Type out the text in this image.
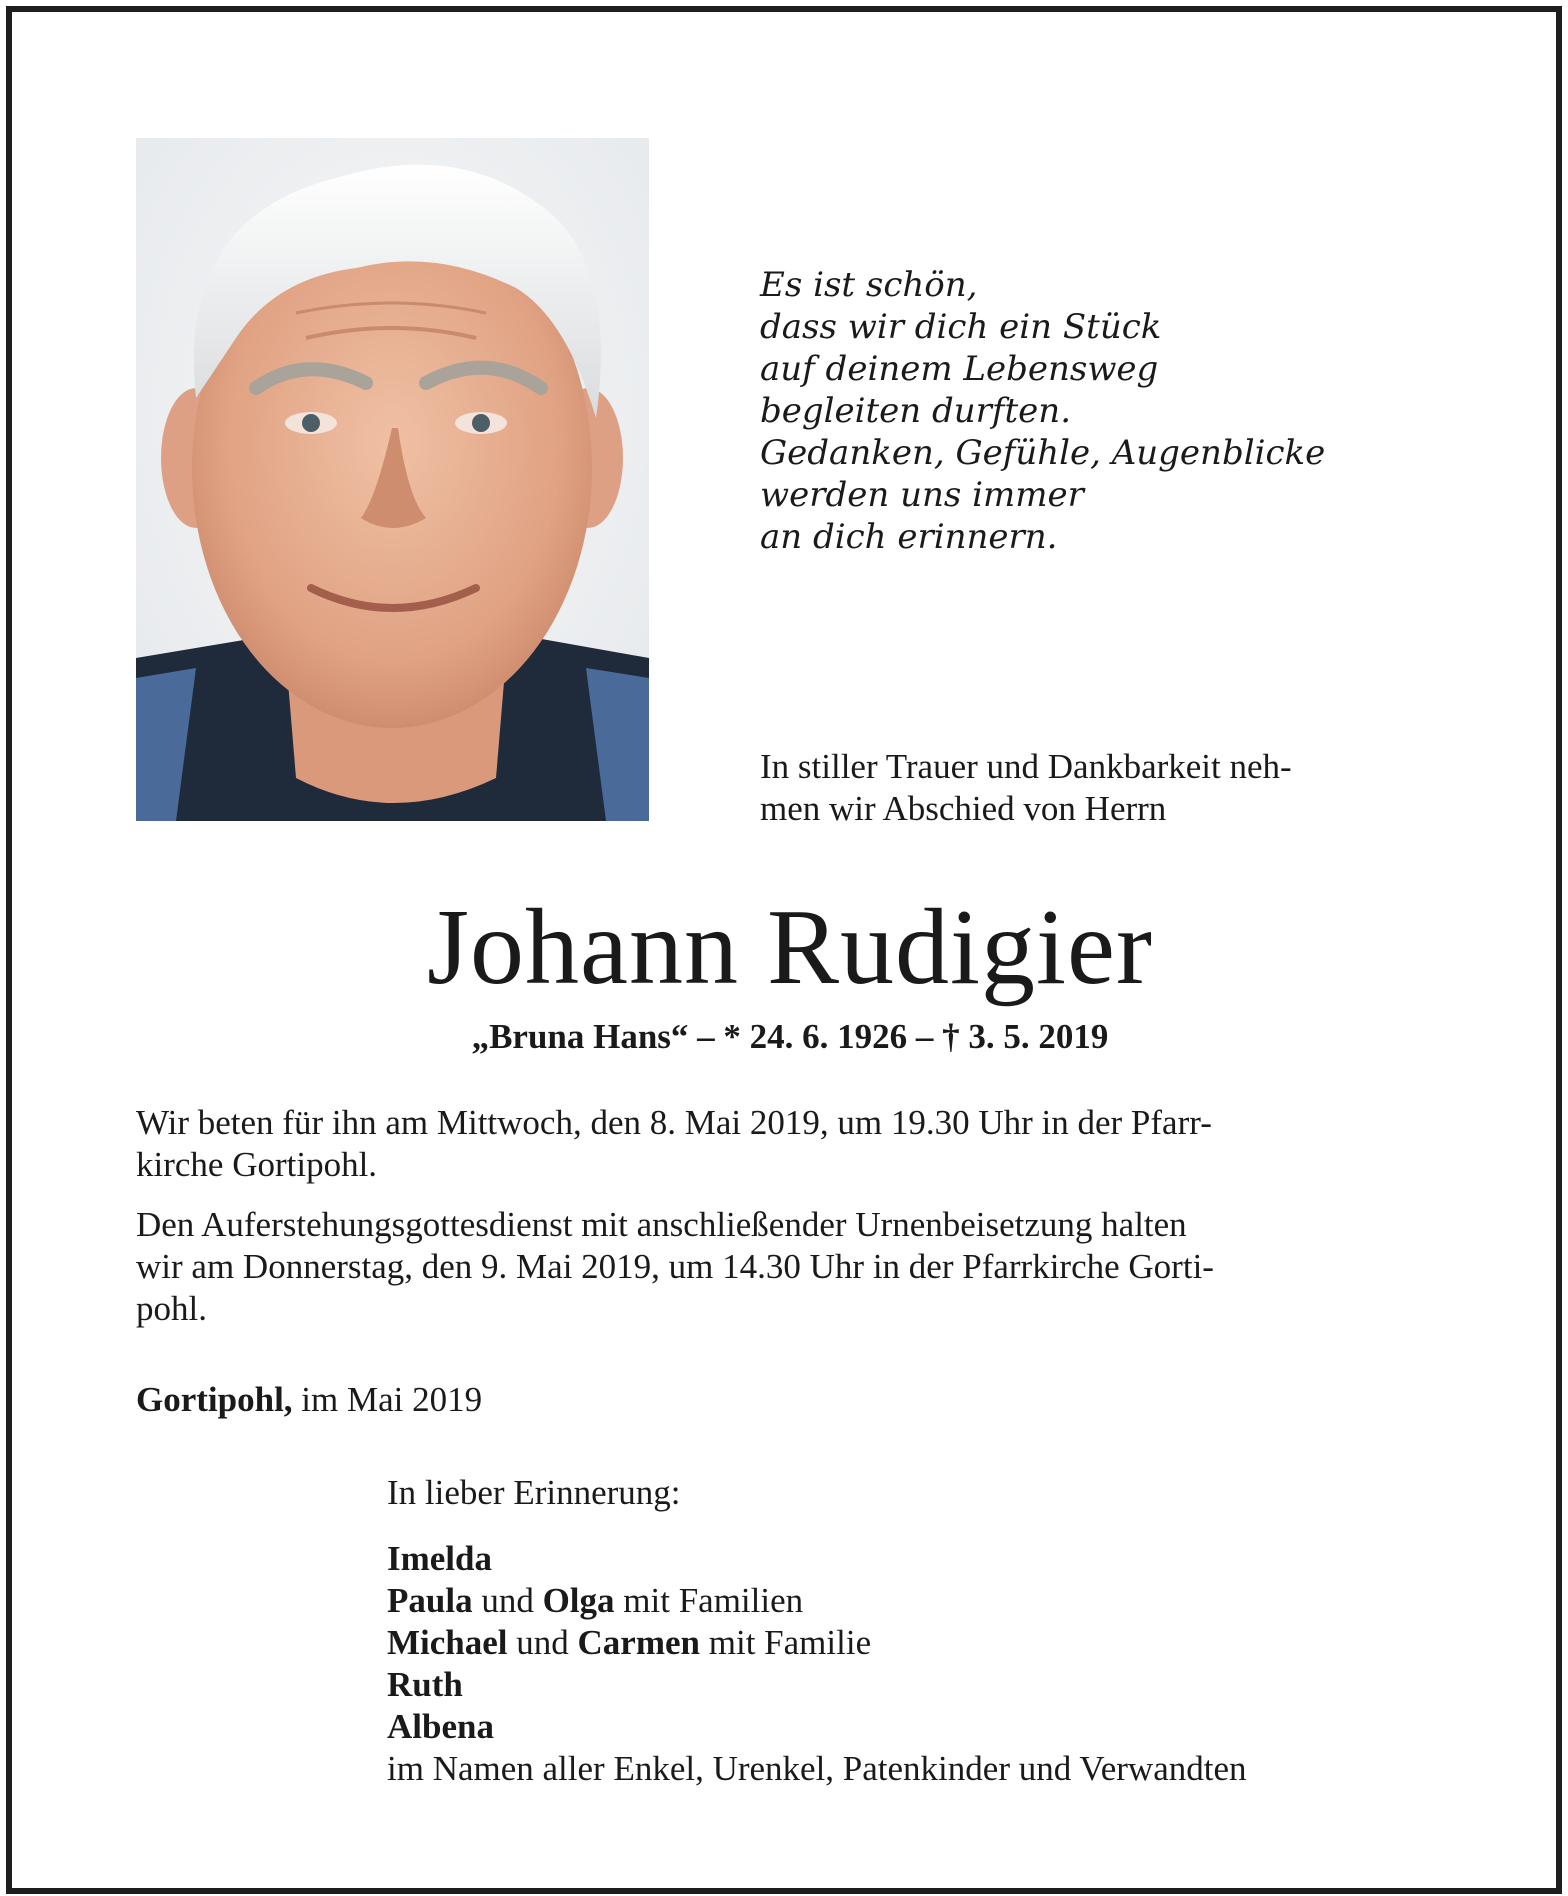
Es ist schön,
dass wir dich ein Stück
auf deinem Lebensweg
begleiten durften.
Gedanken, Gefühle, Augenblicke
werden uns immer
an dich erinnern.
In stiller Trauer und Dankbarkeit neh-
men wir Abschied von Herrn
Johann Rudigier
„Bruna Hans“ – * 24. 6. 1926 – † 3. 5. 2019
Wir beten für ihn am Mittwoch, den 8. Mai 2019, um 19.30 Uhr in der Pfarr-
kirche Gortipohl.
Den Auferstehungsgottesdienst mit anschließender Urnenbeisetzung halten
wir am Donnerstag, den 9. Mai 2019, um 14.30 Uhr in der Pfarrkirche Gorti-
pohl.
Gortipohl, im Mai 2019
In lieber Erinnerung:
Imelda
Paula und Olga mit Familien
Michael und Carmen mit Familie
Ruth
Albena
im Namen aller Enkel, Urenkel, Patenkinder und Verwandten
